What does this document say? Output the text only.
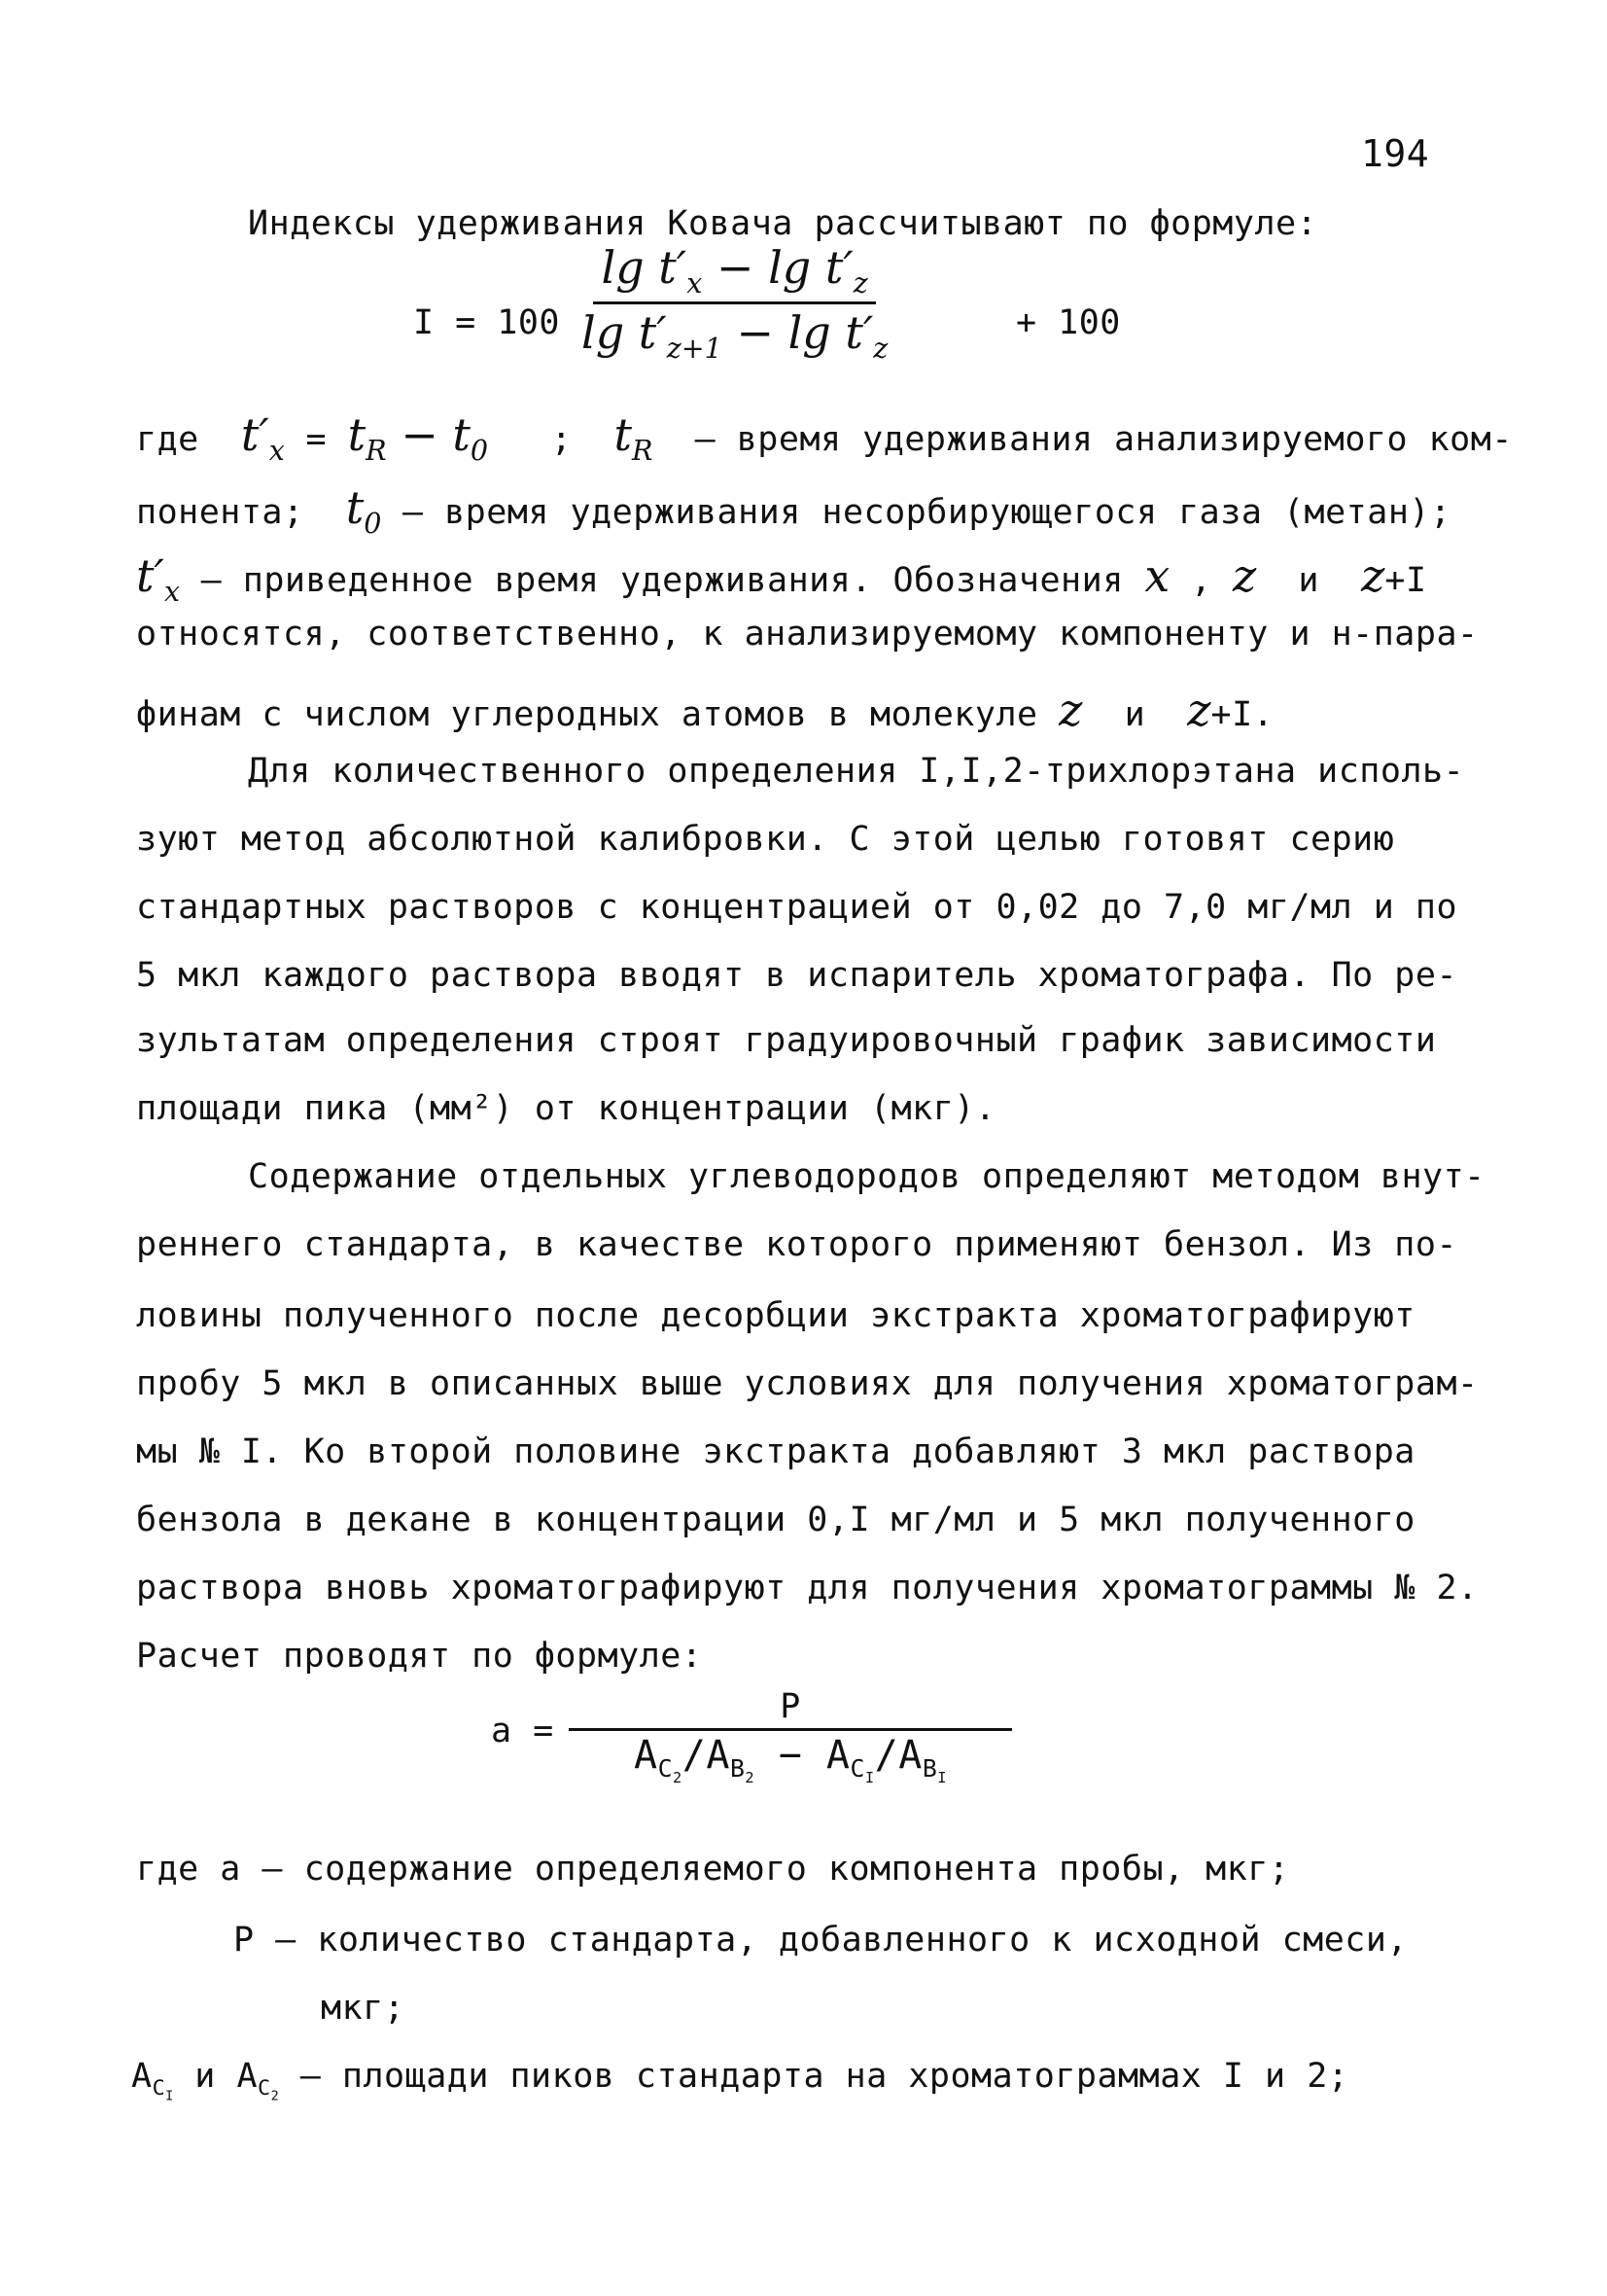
194
Индексы удерживания Ковача рассчитывают по формуле:
$I = 100 \frac{\lg t'_x - \lg t'_z}{\lg t'_{z+1} - \lg t'_z}$	+ 100
где  $t'_x = t_R - t_0$   ;  $t_R$  – время удерживания анализируемого ком-
понента;  $t_0$ – время удерживания несорбирующегося газа (метан);
$t'_x$ – приведенное время удерживания. Обозначения x , z  и  z+I
относятся, соответственно, к анализируемому компоненту и н-пара-
финам с числом углеродных атомов в молекуле z  и  z+I.
Для количественного определения I,I,2-трихлорэтана исполь-
зуют метод абсолютной калибровки. С этой целью готовят серию
стандартных растворов с концентрацией от 0,02 до 7,0 мг/мл и по
5 мкл каждого раствора вводят в испаритель хроматографа. По ре-
зультатам определения строят градуировочный график зависимости
площади пика (мм²) от концентрации (мкг).
Содержание отдельных углеводородов определяют методом внут-
реннего стандарта, в качестве которого применяют бензол. Из по-
ловины полученного после десорбции экстракта хроматографируют
пробу 5 мкл в описанных выше условиях для получения хроматограм-
мы № I. Ко второй половине экстракта добавляют 3 мкл раствора
бензола в декане в концентрации 0,I мг/мл и 5 мкл полученного
раствора вновь хроматографируют для получения хроматограммы № 2.
Расчет проводят по формуле:
a =
P
$A_{C_2}/A_{B_2} - A_{C_I}/A_{B_I}$
где a – содержание определяемого компонента пробы, мкг;
P – количество стандарта, добавленного к исходной смеси,
мкг;
$A_{C_I}$ и $A_{C_2}$ – площади пиков стандарта на хроматограммах I и 2;
